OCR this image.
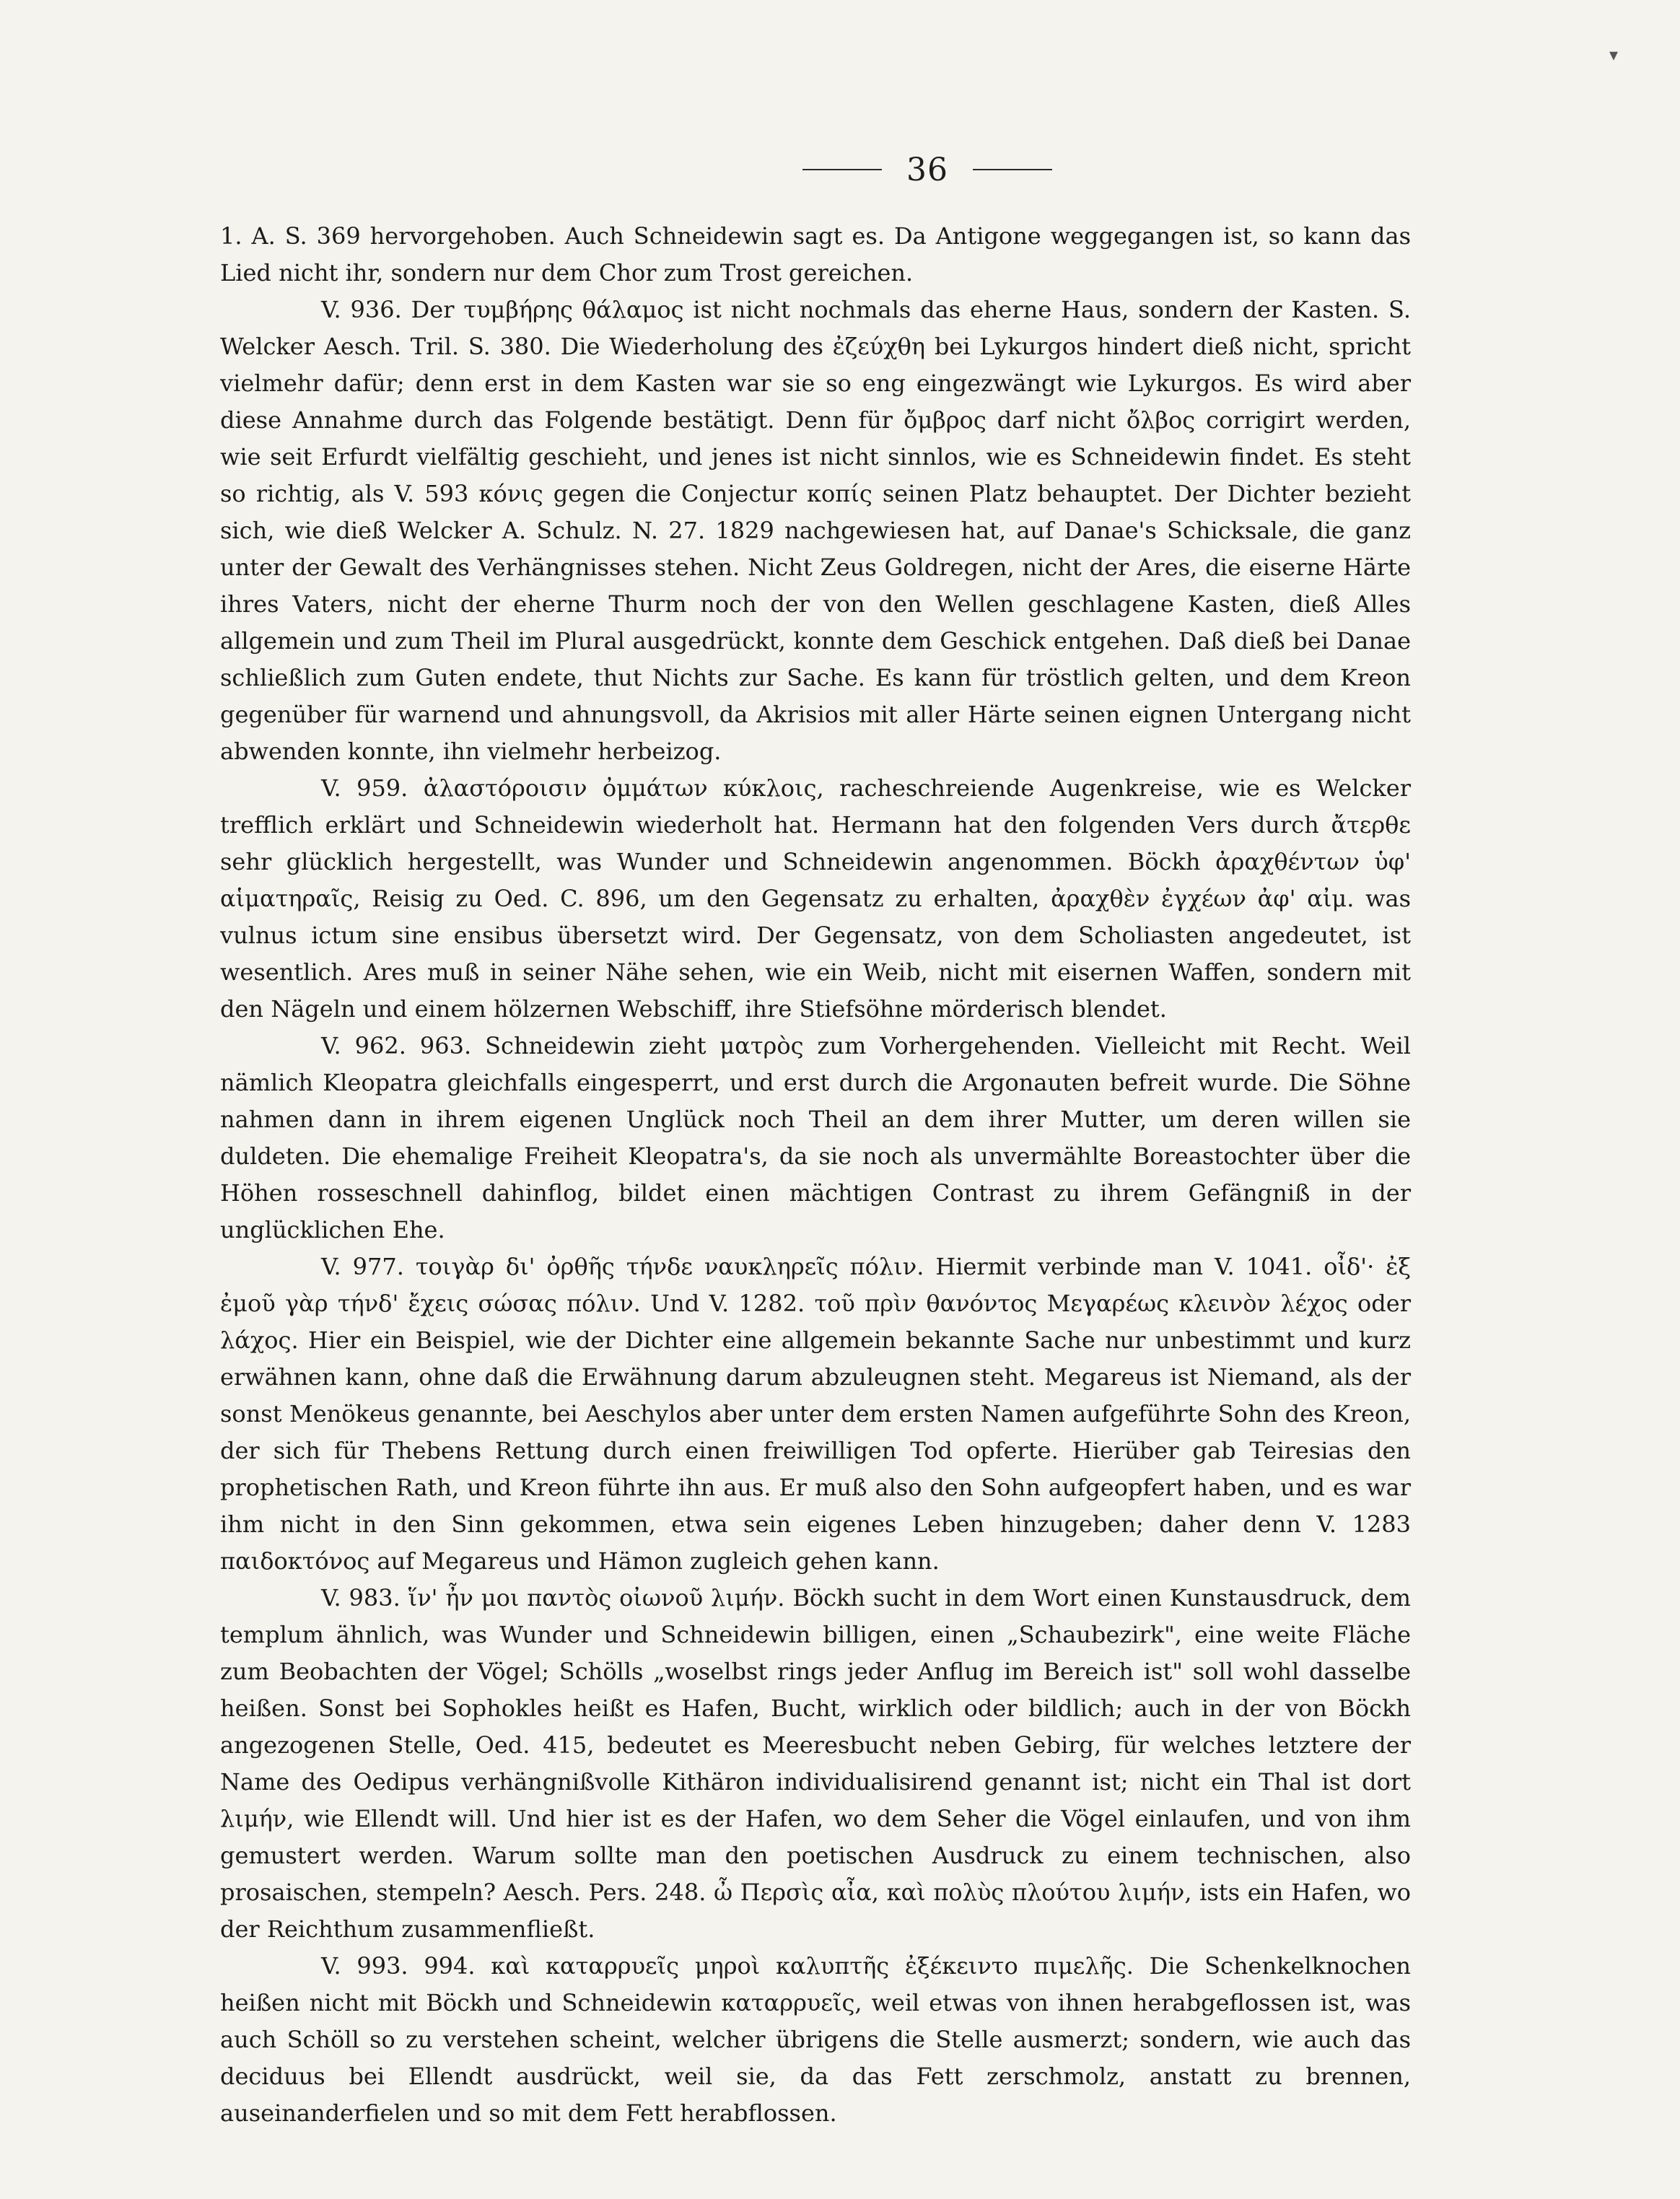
▾
36

1. A. S. 369 hervorgehoben. Auch Schneidewin sagt es. Da Antigone weggegangen ist, so kann das Lied nicht ihr, sondern nur dem Chor zum Trost gereichen.

V. 936. Der τυμβήρης θάλαμος ist nicht nochmals das eherne Haus, sondern der Kasten. S. Welcker Aesch. Tril. S. 380. Die Wiederholung des ἐζεύχθη bei Lykurgos hindert dieß nicht, spricht vielmehr dafür; denn erst in dem Kasten war sie so eng eingezwängt wie Lykurgos. Es wird aber diese Annahme durch das Folgende bestätigt. Denn für ὄμβρος darf nicht ὄλβος corrigirt werden, wie seit Erfurdt vielfältig geschieht, und jenes ist nicht sinnlos, wie es Schneidewin findet. Es steht so richtig, als V. 593 κόνις gegen die Conjectur κοπίς seinen Platz behauptet. Der Dichter bezieht sich, wie dieß Welcker A. Schulz. N. 27. 1829 nachgewiesen hat, auf Danae's Schicksale, die ganz unter der Gewalt des Verhängnisses stehen. Nicht Zeus Goldregen, nicht der Ares, die eiserne Härte ihres Vaters, nicht der eherne Thurm noch der von den Wellen geschlagene Kasten, dieß Alles allgemein und zum Theil im Plural ausgedrückt, konnte dem Geschick entgehen. Daß dieß bei Danae schließlich zum Guten endete, thut Nichts zur Sache. Es kann für tröstlich gelten, und dem Kreon gegenüber für warnend und ahnungsvoll, da Akrisios mit aller Härte seinen eignen Untergang nicht abwenden konnte, ihn vielmehr herbeizog.

V. 959. ἀλαστόροισιν ὀμμάτων κύκλοις, racheschreiende Augenkreise, wie es Welcker trefflich erklärt und Schneidewin wiederholt hat. Hermann hat den folgenden Vers durch ἄτερθε sehr glücklich hergestellt, was Wunder und Schneidewin angenommen. Böckh ἀραχθέντων ὑφ' αἱματηραῖς, Reisig zu Oed. C. 896, um den Gegensatz zu erhalten, ἀραχθὲν ἐγχέων ἀφ' αἰμ. was vulnus ictum sine ensibus übersetzt wird. Der Gegensatz, von dem Scholiasten angedeutet, ist wesentlich. Ares muß in seiner Nähe sehen, wie ein Weib, nicht mit eisernen Waffen, sondern mit den Nägeln und einem hölzernen Webschiff, ihre Stiefsöhne mörderisch blendet.

V. 962. 963. Schneidewin zieht ματρὸς zum Vorhergehenden. Vielleicht mit Recht. Weil nämlich Kleopatra gleichfalls eingesperrt, und erst durch die Argonauten befreit wurde. Die Söhne nahmen dann in ihrem eigenen Unglück noch Theil an dem ihrer Mutter, um deren willen sie duldeten. Die ehemalige Freiheit Kleopatra's, da sie noch als unvermählte Boreastochter über die Höhen rosseschnell dahinflog, bildet einen mächtigen Contrast zu ihrem Gefängniß in der unglücklichen Ehe.

V. 977. τοιγὰρ δι' ὀρθῆς τήνδε ναυκληρεῖς πόλιν. Hiermit verbinde man V. 1041. οἶδ'· ἐξ ἐμοῦ γὰρ τήνδ' ἔχεις σώσας πόλιν. Und V. 1282. τοῦ πρὶν θανόντος Μεγαρέως κλεινὸν λέχος oder λάχος. Hier ein Beispiel, wie der Dichter eine allgemein bekannte Sache nur unbestimmt und kurz erwähnen kann, ohne daß die Erwähnung darum abzuleugnen steht. Megareus ist Niemand, als der sonst Menökeus genannte, bei Aeschylos aber unter dem ersten Namen aufgeführte Sohn des Kreon, der sich für Thebens Rettung durch einen freiwilligen Tod opferte. Hierüber gab Teiresias den prophetischen Rath, und Kreon führte ihn aus. Er muß also den Sohn aufgeopfert haben, und es war ihm nicht in den Sinn gekommen, etwa sein eigenes Leben hinzugeben; daher denn V. 1283 παιδοκτόνος auf Megareus und Hämon zugleich gehen kann.

V. 983. ἵν' ἦν μοι παντὸς οἰωνοῦ λιμήν. Böckh sucht in dem Wort einen Kunstausdruck, dem templum ähnlich, was Wunder und Schneidewin billigen, einen „Schaubezirk", eine weite Fläche zum Beobachten der Vögel; Schölls „woselbst rings jeder Anflug im Bereich ist" soll wohl dasselbe heißen. Sonst bei Sophokles heißt es Hafen, Bucht, wirklich oder bildlich; auch in der von Böckh angezogenen Stelle, Oed. 415, bedeutet es Meeresbucht neben Gebirg, für welches letztere der Name des Oedipus verhängnißvolle Kithäron individualisirend genannt ist; nicht ein Thal ist dort λιμήν, wie Ellendt will. Und hier ist es der Hafen, wo dem Seher die Vögel einlaufen, und von ihm gemustert werden. Warum sollte man den poetischen Ausdruck zu einem technischen, also prosaischen, stempeln? Aesch. Pers. 248. ὦ Περσὶς αἶα, καὶ πολὺς πλούτου λιμήν, ists ein Hafen, wo der Reichthum zusammenfließt.

V. 993. 994. καὶ καταρρυεῖς μηροὶ καλυπτῆς ἐξέκειντο πιμελῆς. Die Schenkelknochen heißen nicht mit Böckh und Schneidewin καταρρυεῖς, weil etwas von ihnen herabgeflossen ist, was auch Schöll so zu verstehen scheint, welcher übrigens die Stelle ausmerzt; sondern, wie auch das deciduus bei Ellendt ausdrückt, weil sie, da das Fett zerschmolz, anstatt zu brennen, auseinanderfielen und so mit dem Fett herabflossen.
